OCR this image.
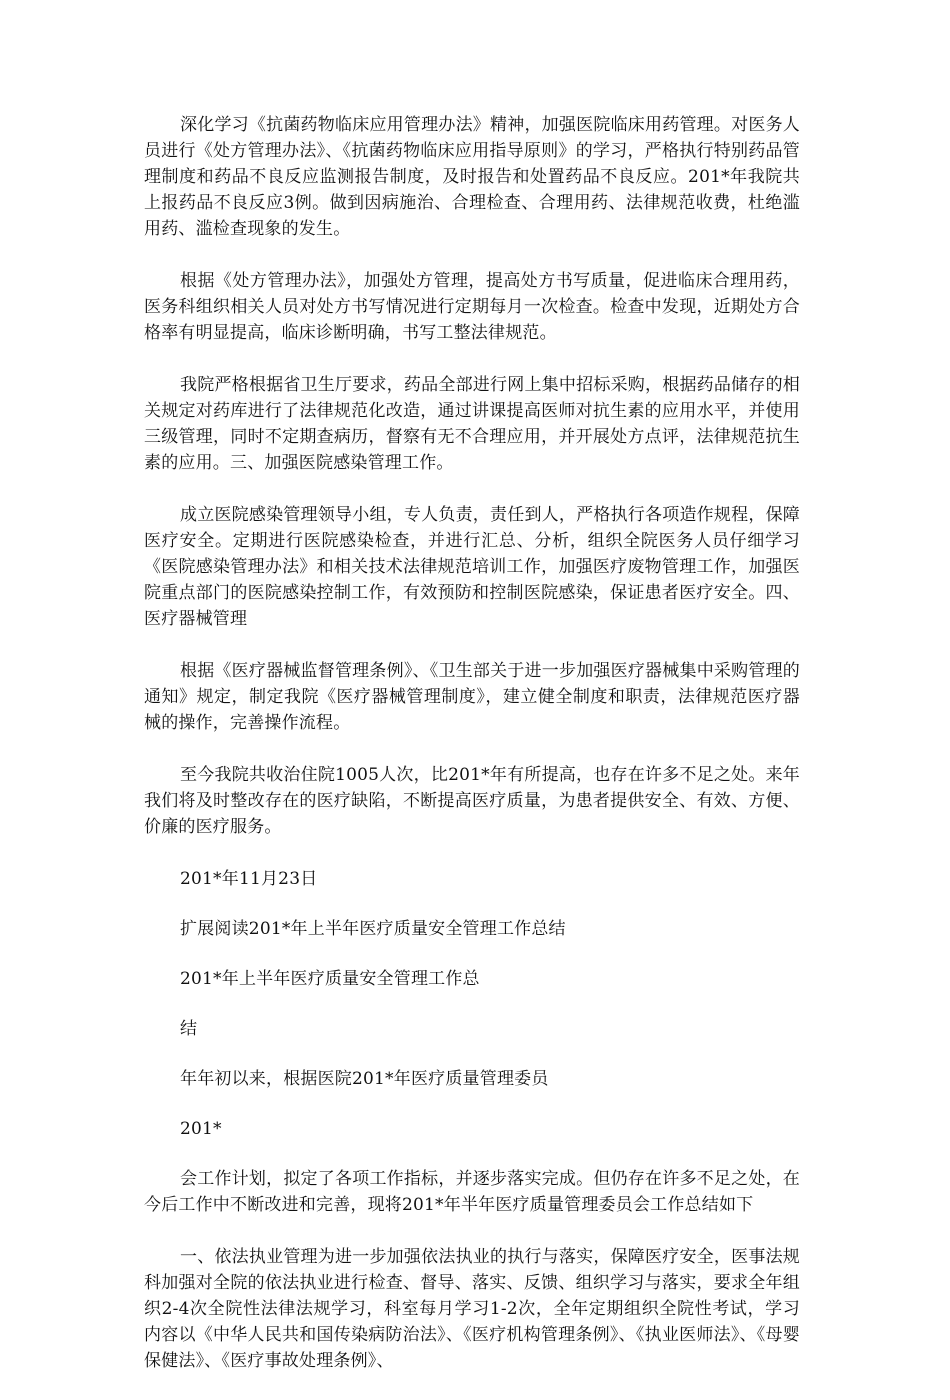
深化学习《抗菌药物临床应用管理办法》精神，加强医院临床用药管理。对医务人员进行《处方管理办法》、《抗菌药物临床应用指导原则》的学习，严格执行特别药品管理制度和药品不良反应监测报告制度，及时报告和处置药品不良反应。201*年我院共上报药品不良反应3例。做到因病施治、合理检查、合理用药、法律规范收费，杜绝滥用药、滥检查现象的发生。

根据《处方管理办法》，加强处方管理，提高处方书写质量，促进临床合理用药，医务科组织相关人员对处方书写情况进行定期每月一次检查。检查中发现，近期处方合格率有明显提高，临床诊断明确，书写工整法律规范。

我院严格根据省卫生厅要求，药品全部进行网上集中招标采购，根据药品储存的相关规定对药库进行了法律规范化改造，通过讲课提高医师对抗生素的应用水平，并使用三级管理，同时不定期查病历，督察有无不合理应用，并开展处方点评，法律规范抗生素的应用。三、加强医院感染管理工作。

成立医院感染管理领导小组，专人负责，责任到人，严格执行各项造作规程，保障医疗安全。定期进行医院感染检查，并进行汇总、分析，组织全院医务人员仔细学习《医院感染管理办法》和相关技术法律规范培训工作，加强医疗废物管理工作，加强医院重点部门的医院感染控制工作，有效预防和控制医院感染，保证患者医疗安全。四、医疗器械管理

根据《医疗器械监督管理条例》、《卫生部关于进一步加强医疗器械集中采购管理的通知》规定，制定我院《医疗器械管理制度》，建立健全制度和职责，法律规范医疗器械的操作，完善操作流程。

至今我院共收治住院1005人次，比201*年有所提高，也存在许多不足之处。来年我们将及时整改存在的医疗缺陷，不断提高医疗质量，为患者提供安全、有效、方便、价廉的医疗服务。

201*年11月23日

扩展阅读201*年上半年医疗质量安全管理工作总结

201*年上半年医疗质量安全管理工作总

结

年年初以来，根据医院201*年医疗质量管理委员

201*

会工作计划，拟定了各项工作指标，并逐步落实完成。但仍存在许多不足之处，在今后工作中不断改进和完善，现将201*年半年医疗质量管理委员会工作总结如下

一、依法执业管理为进一步加强依法执业的执行与落实，保障医疗安全，医事法规科加强对全院的依法执业进行检查、督导、落实、反馈、组织学习与落实，要求全年组织2-4次全院性法律法规学习，科室每月学习1-2次，全年定期组织全院性考试，学习内容以《中华人民共和国传染病防治法》、《医疗机构管理条例》、《执业医师法》、《母婴保健法》、《医疗事故处理条例》、
